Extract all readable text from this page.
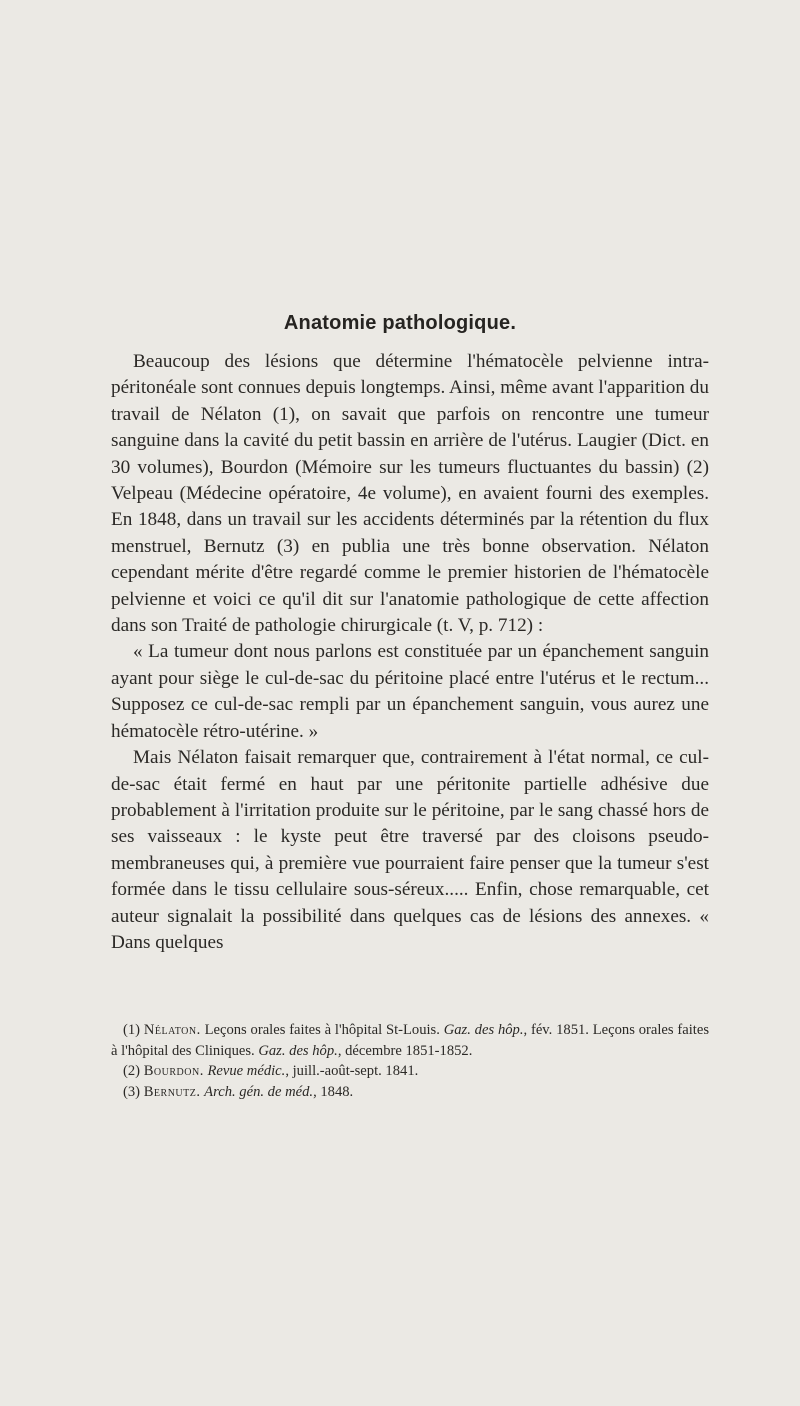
Anatomie pathologique.

Beaucoup des lésions que détermine l'hématocèle pelvienne intra-péritonéale sont connues depuis longtemps. Ainsi, même avant l'apparition du travail de Nélaton (1), on savait que parfois on rencontre une tumeur sanguine dans la cavité du petit bassin en arrière de l'utérus. Laugier (Dict. en 30 volumes), Bourdon (Mémoire sur les tumeurs fluctuantes du bassin) (2) Velpeau (Médecine opératoire, 4e volume), en avaient fourni des exemples. En 1848, dans un travail sur les accidents déterminés par la rétention du flux menstruel, Bernutz (3) en publia une très bonne observation. Nélaton cependant mérite d'être regardé comme le premier historien de l'hématocèle pelvienne et voici ce qu'il dit sur l'anatomie pathologique de cette affection dans son Traité de pathologie chirurgicale (t. V, p. 712) :

« La tumeur dont nous parlons est constituée par un épanchement sanguin ayant pour siège le cul-de-sac du péritoine placé entre l'utérus et le rectum... Supposez ce cul-de-sac rempli par un épanchement sanguin, vous aurez une hématocèle rétro-utérine. »

Mais Nélaton faisait remarquer que, contrairement à l'état normal, ce cul-de-sac était fermé en haut par une péritonite partielle adhésive due probablement à l'irritation produite sur le péritoine, par le sang chassé hors de ses vaisseaux : le kyste peut être traversé par des cloisons pseudo-membraneuses qui, à première vue pourraient faire penser que la tumeur s'est formée dans le tissu cellulaire sous-séreux..... Enfin, chose remarquable, cet auteur signalait la possibilité dans quelques cas de lésions des annexes. « Dans quelques

(1) Nélaton. Leçons orales faites à l'hôpital St-Louis. Gaz. des hôp., fév. 1851. Leçons orales faites à l'hôpital des Cliniques. Gaz. des hôp., décembre 1851-1852.

(2) Bourdon. Revue médic., juill.-août-sept. 1841.

(3) Bernutz. Arch. gén. de méd., 1848.
